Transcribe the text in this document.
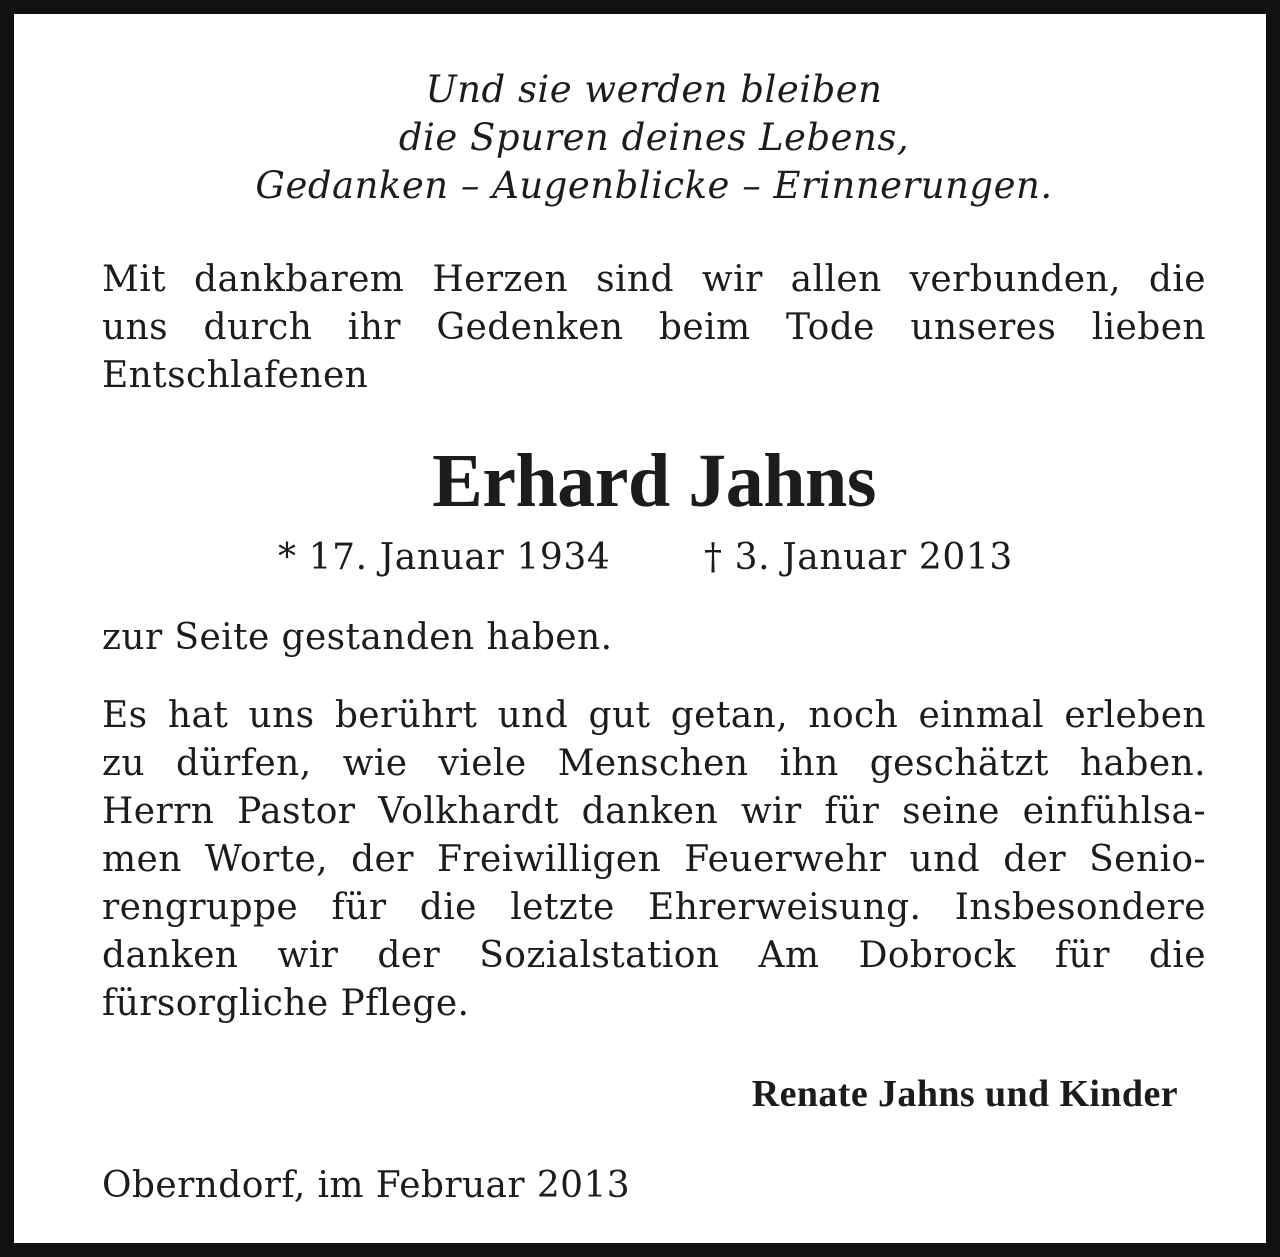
Und sie werden bleiben
die Spuren deines Lebens,
Gedanken – Augenblicke – Erinnerungen.
Mit dankbarem Herzen sind wir allen verbunden, die
uns durch ihr Gedenken beim Tode unseres lieben
Entschlafenen
Erhard Jahns
* 17. Januar 1934	† 3. Januar 2013
zur Seite gestanden haben.
Es hat uns berührt und gut getan, noch einmal erleben
zu dürfen, wie viele Menschen ihn geschätzt haben.
Herrn Pastor Volkhardt danken wir für seine einfühlsa-
men Worte, der Freiwilligen Feuerwehr und der Senio-
rengruppe für die letzte Ehrerweisung. Insbesondere
danken wir der Sozialstation Am Dobrock für die
fürsorgliche Pflege.
Renate Jahns und Kinder
Oberndorf, im Februar 2013
